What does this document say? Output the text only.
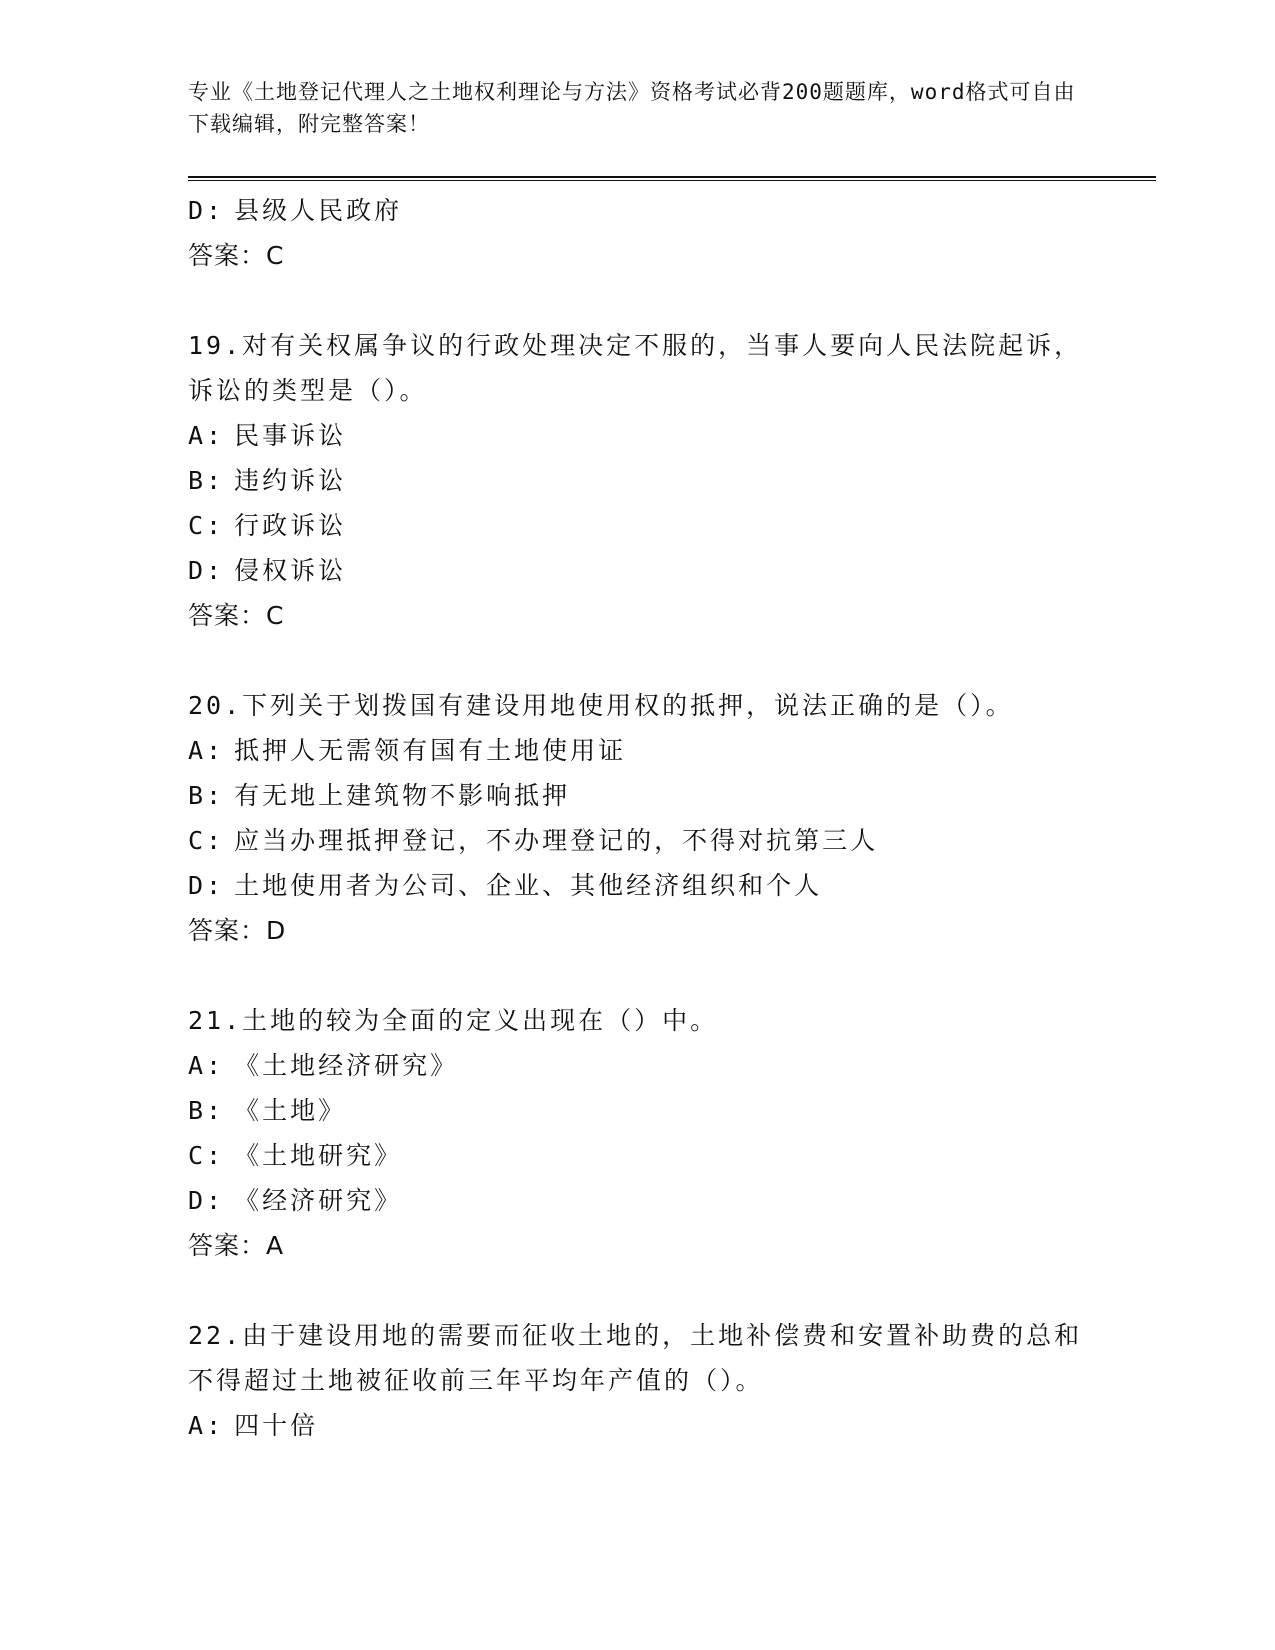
专业《土地登记代理人之土地权利理论与方法》资格考试必背200题题库，word格式可自由下载编辑，附完整答案！
D: 县级人民政府
答案：C
19.对有关权属争议的行政处理决定不服的，当事人要向人民法院起诉，诉讼的类型是（）。
A: 民事诉讼
B: 违约诉讼
C: 行政诉讼
D: 侵权诉讼
答案：C
20.下列关于划拨国有建设用地使用权的抵押，说法正确的是（）。
A: 抵押人无需领有国有土地使用证
B: 有无地上建筑物不影响抵押
C: 应当办理抵押登记，不办理登记的，不得对抗第三人
D: 土地使用者为公司、企业、其他经济组织和个人
答案：D
21.土地的较为全面的定义出现在（）中。
A: 《土地经济研究》
B: 《土地》
C: 《土地研究》
D: 《经济研究》
答案：A
22.由于建设用地的需要而征收土地的，土地补偿费和安置补助费的总和不得超过土地被征收前三年平均年产值的（）。
A: 四十倍
